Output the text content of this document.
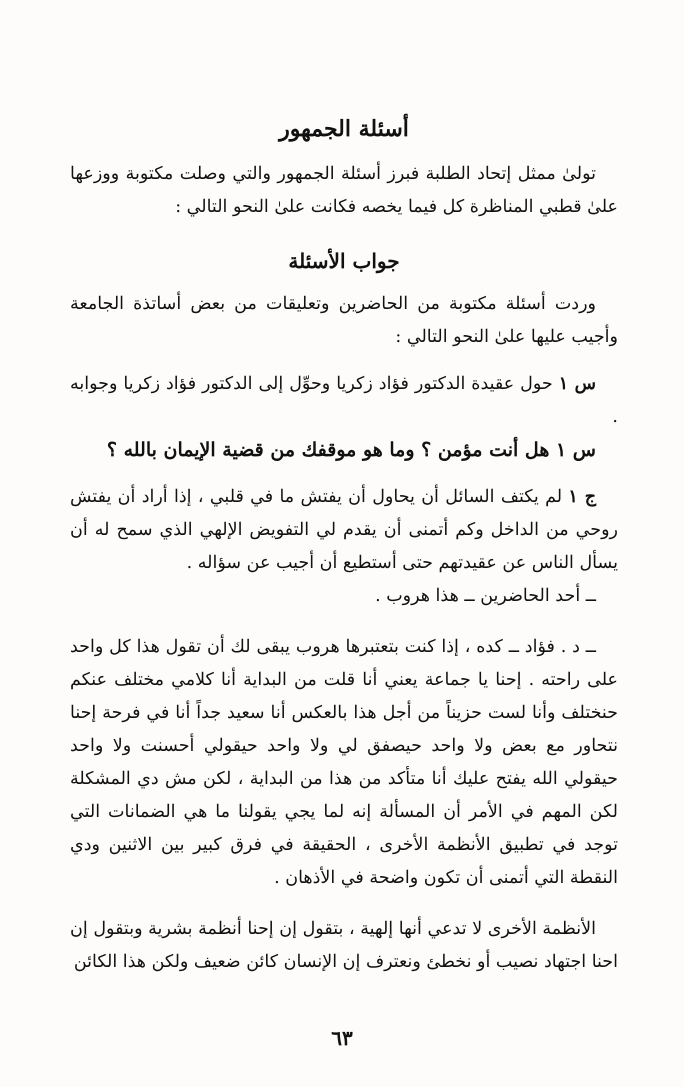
أسئلة الجمهور

تولىٰ ممثل إتحاد الطلبة فبرز أسئلة الجمهور والتي وصلت مكتوبة ووزعها علىٰ قطبي المناظرة كل فيما يخصه فكانت علىٰ النحو التالي :

جواب الأسئلة

وردت أسئلة مكتوبة من الحاضرين وتعليقات من بعض أساتذة الجامعة وأجيب عليها علىٰ النحو التالي :

س ١ حول عقيدة الدكتور فؤاد زكريا وحوِّل إلى الدكتور فؤاد زكريا وجوابه .

س ١ هل أنت مؤمن ؟ وما هو موقفك من قضية الإيمان بالله ؟

ج ١ لم يكتف السائل أن يحاول أن يفتش ما في قلبي ، إذا أراد أن يفتش روحي من الداخل وكم أتمنى أن يقدم لي التفويض الإلهي الذي سمح له أن يسأل الناس عن عقيدتهم حتى أستطيع أن أجيب عن سؤاله .

ــ أحد الحاضرين ــ هذا هروب .

ــ د . فؤاد ــ كده ، إذا كنت بتعتبرها هروب يبقى لك أن تقول هذا كل واحد على راحته . إحنا يا جماعة يعني أنا قلت من البداية أنا كلامي مختلف عنكم حنختلف وأنا لست حزيناً من أجل هذا بالعكس أنا سعيد جداً أنا في فرحة إحنا نتحاور مع بعض ولا واحد حيصفق لي ولا واحد حيقولي أحسنت ولا واحد حيقولي الله يفتح عليك أنا متأكد من هذا من البداية ، لكن مش دي المشكلة لكن المهم في الأمر أن المسألة إنه لما يجي يقولنا ما هي الضمانات التي توجد في تطبيق الأنظمة الأخرى ، الحقيقة في فرق كبير بين الاثنين ودي النقطة التي أتمنى أن تكون واضحة في الأذهان .

الأنظمة الأخرى لا تدعي أنها إلهية ، بتقول إن إحنا أنظمة بشرية وبتقول إن احنا اجتهاد نصيب أو نخطئ ونعترف إن الإنسان كائن ضعيف ولكن هذا الكائن

٦٣
